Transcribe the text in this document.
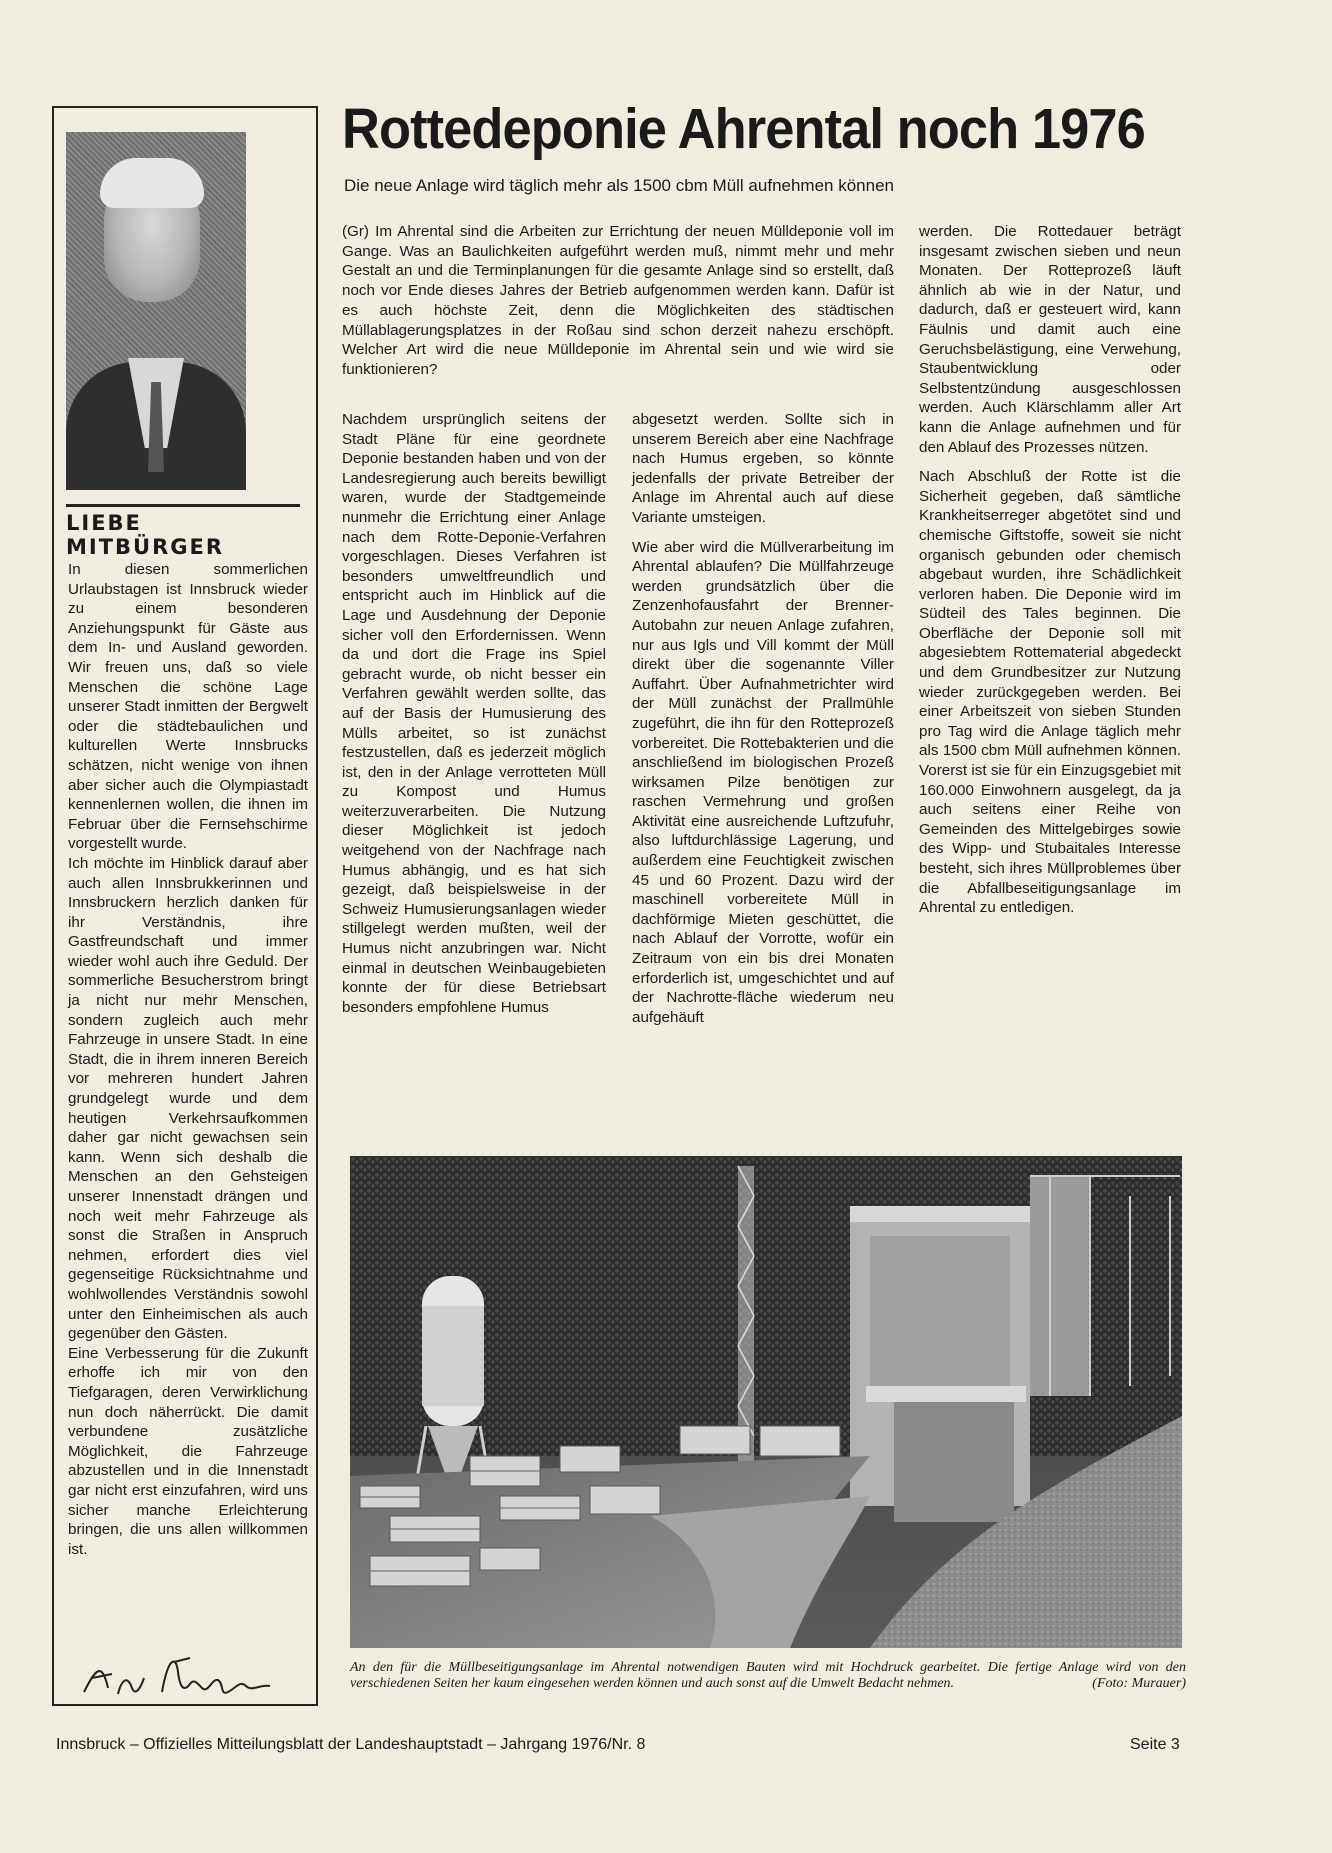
LIEBE MITBÜRGER

In diesen sommerlichen Urlaubstagen ist Innsbruck wieder zu einem besonderen Anziehungspunkt für Gäste aus dem In- und Ausland geworden. Wir freuen uns, daß so viele Menschen die schöne Lage unserer Stadt inmitten der Bergwelt oder die städtebaulichen und kulturellen Werte Innsbrucks schätzen, nicht wenige von ihnen aber sicher auch die Olympiastadt kennenlernen wollen, die ihnen im Februar über die Fernsehschirme vorgestellt wurde.

Ich möchte im Hinblick darauf aber auch allen Innsbrukkerinnen und Innsbruckern herzlich danken für ihr Verständnis, ihre Gastfreundschaft und immer wieder wohl auch ihre Geduld. Der sommerliche Besucherstrom bringt ja nicht nur mehr Menschen, sondern zugleich auch mehr Fahrzeuge in unsere Stadt. In eine Stadt, die in ihrem inneren Bereich vor mehreren hundert Jahren grundgelegt wurde und dem heutigen Verkehrsaufkommen daher gar nicht gewachsen sein kann. Wenn sich deshalb die Menschen an den Gehsteigen unserer Innenstadt drängen und noch weit mehr Fahrzeuge als sonst die Straßen in Anspruch nehmen, erfordert dies viel gegenseitige Rücksichtnahme und wohlwollendes Verständnis sowohl unter den Einheimischen als auch gegenüber den Gästen.

Eine Verbesserung für die Zukunft erhoffe ich mir von den Tiefgaragen, deren Verwirklichung nun doch näherrückt. Die damit verbundene zusätzliche Möglichkeit, die Fahrzeuge abzustellen und in die Innenstadt gar nicht erst einzufahren, wird uns sicher manche Erleichterung bringen, die uns allen willkommen ist.

Rottedeponie Ahrental noch 1976

Die neue Anlage wird täglich mehr als 1500 cbm Müll aufnehmen können

(Gr) Im Ahrental sind die Arbeiten zur Errichtung der neuen Mülldeponie voll im Gange. Was an Baulichkeiten aufgeführt werden muß, nimmt mehr und mehr Gestalt an und die Terminplanungen für die gesamte Anlage sind so erstellt, daß noch vor Ende dieses Jahres der Betrieb aufgenommen werden kann. Dafür ist es auch höchste Zeit, denn die Möglichkeiten des städtischen Müllablagerungsplatzes in der Roßau sind schon derzeit nahezu erschöpft. Welcher Art wird die neue Mülldeponie im Ahrental sein und wie wird sie funktionieren?

Nachdem ursprünglich seitens der Stadt Pläne für eine geordnete Deponie bestanden haben und von der Landesregierung auch bereits bewilligt waren, wurde der Stadtgemeinde nunmehr die Errichtung einer Anlage nach dem Rotte-Deponie-Verfahren vorgeschlagen. Dieses Verfahren ist besonders umweltfreundlich und entspricht auch im Hinblick auf die Lage und Ausdehnung der Deponie sicher voll den Erfordernissen. Wenn da und dort die Frage ins Spiel gebracht wurde, ob nicht besser ein Verfahren gewählt werden sollte, das auf der Basis der Humusierung des Mülls arbeitet, so ist zunächst festzustellen, daß es jederzeit möglich ist, den in der Anlage verrotteten Müll zu Kompost und Humus weiterzuverarbeiten. Die Nutzung dieser Möglichkeit ist jedoch weitgehend von der Nachfrage nach Humus abhängig, und es hat sich gezeigt, daß beispielsweise in der Schweiz Humusierungsanlagen wieder stillgelegt werden mußten, weil der Humus nicht anzubringen war. Nicht einmal in deutschen Weinbaugebieten konnte der für diese Betriebsart besonders empfohlene Humus

abgesetzt werden. Sollte sich in unserem Bereich aber eine Nachfrage nach Humus ergeben, so könnte jedenfalls der private Betreiber der Anlage im Ahrental auch auf diese Variante umsteigen.

Wie aber wird die Müllverarbeitung im Ahrental ablaufen? Die Müllfahrzeuge werden grundsätzlich über die Zenzenhofausfahrt der Brenner-Autobahn zur neuen Anlage zufahren, nur aus Igls und Vill kommt der Müll direkt über die sogenannte Viller Auffahrt. Über Aufnahmetrichter wird der Müll zunächst der Prallmühle zugeführt, die ihn für den Rotteprozeß vorbereitet. Die Rottebakterien und die anschließend im biologischen Prozeß wirksamen Pilze benötigen zur raschen Vermehrung und großen Aktivität eine ausreichende Luftzufuhr, also luftdurchlässige Lagerung, und außerdem eine Feuchtigkeit zwischen 45 und 60 Prozent. Dazu wird der maschinell vorbereitete Müll in dachförmige Mieten geschüttet, die nach Ablauf der Vorrotte, wofür ein Zeitraum von ein bis drei Monaten erforderlich ist, umgeschichtet und auf der Nachrotte-fläche wiederum neu aufgehäuft

werden. Die Rottedauer beträgt insgesamt zwischen sieben und neun Monaten. Der Rotteprozeß läuft ähnlich ab wie in der Natur, und dadurch, daß er gesteuert wird, kann Fäulnis und damit auch eine Geruchsbelästigung, eine Verwehung, Staubentwicklung oder Selbstentzündung ausgeschlossen werden. Auch Klärschlamm aller Art kann die Anlage aufnehmen und für den Ablauf des Prozesses nützen.

Nach Abschluß der Rotte ist die Sicherheit gegeben, daß sämtliche Krankheitserreger abgetötet sind und chemische Giftstoffe, soweit sie nicht organisch gebunden oder chemisch abgebaut wurden, ihre Schädlichkeit verloren haben. Die Deponie wird im Südteil des Tales beginnen. Die Oberfläche der Deponie soll mit abgesiebtem Rottematerial abgedeckt und dem Grundbesitzer zur Nutzung wieder zurückgegeben werden. Bei einer Arbeitszeit von sieben Stunden pro Tag wird die Anlage täglich mehr als 1500 cbm Müll aufnehmen können. Vorerst ist sie für ein Einzugsgebiet mit 160.000 Einwohnern ausgelegt, da ja auch seitens einer Reihe von Gemeinden des Mittelgebirges sowie des Wipp- und Stubaitales Interesse besteht, sich ihres Müllproblemes über die Abfallbeseitigungsanlage im Ahrental zu entledigen.

An den für die Müllbeseitigungsanlage im Ahrental notwendigen Bauten wird mit Hochdruck gearbeitet. Die fertige Anlage wird von den verschiedenen Seiten her kaum eingesehen werden können und auch sonst auf die Umwelt Bedacht nehmen.	(Foto: Murauer)

Innsbruck – Offizielles Mitteilungsblatt der Landeshauptstadt – Jahrgang 1976/Nr. 8	Seite 3
